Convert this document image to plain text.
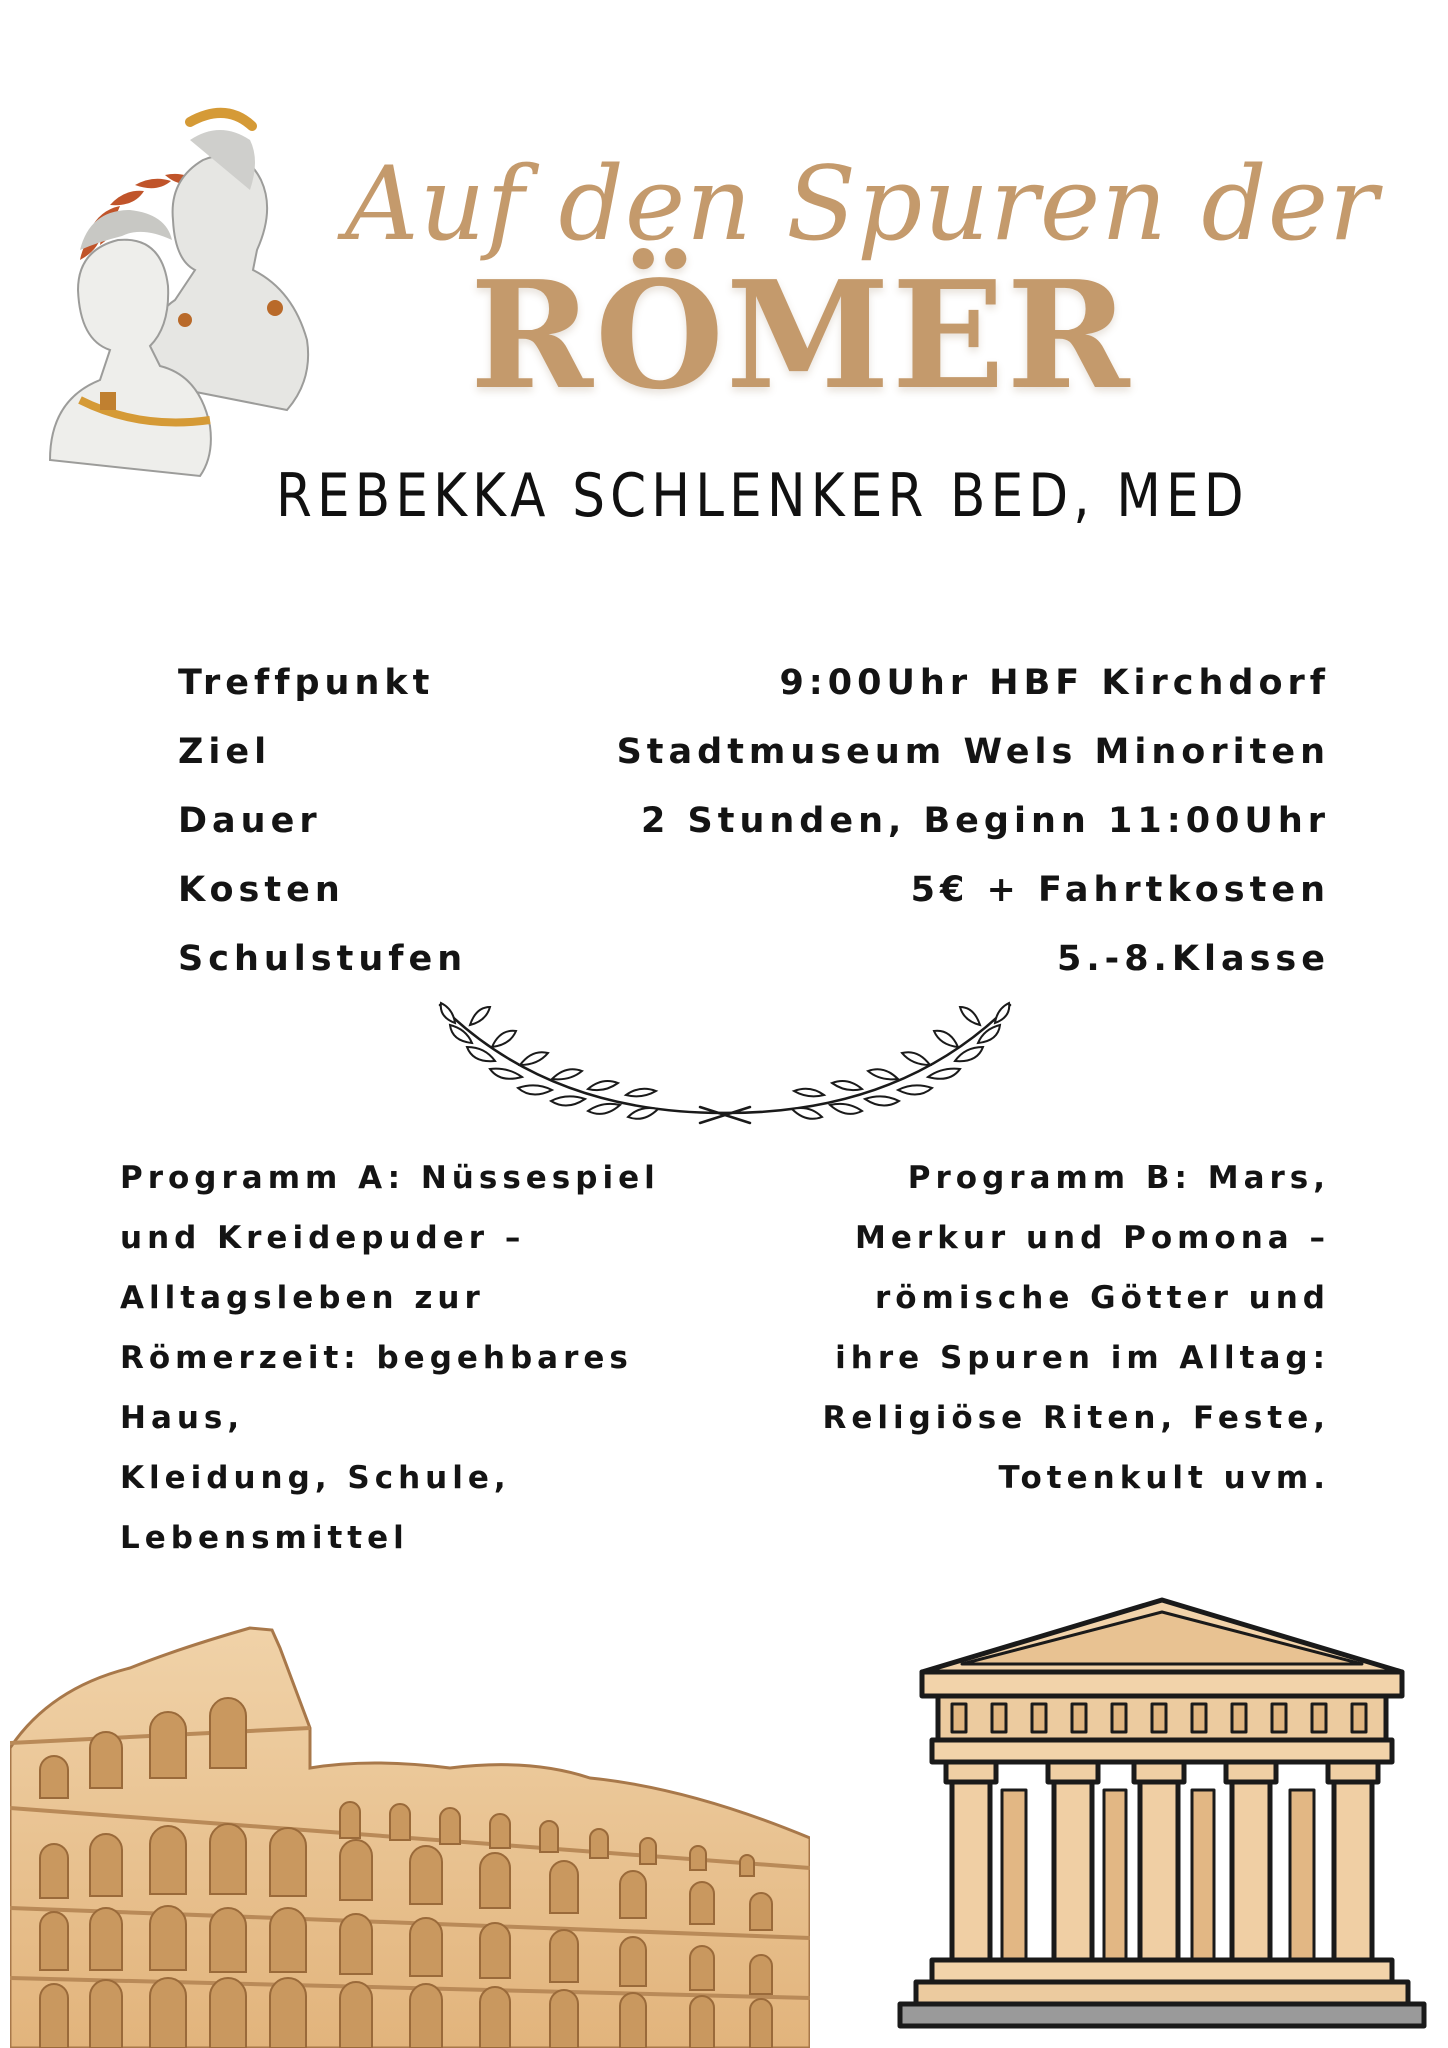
Auf den Spuren der
RÖMER
REBEKKA SCHLENKER BED, MED
Treffpunkt	9:00Uhr HBF Kirchdorf
Ziel	Stadtmuseum Wels Minoriten
Dauer	2 Stunden, Beginn 11:00Uhr
Kosten	5€ + Fahrtkosten
Schulstufen	5.-8.Klasse
Programm A: Nüssespiel
und Kreidepuder –
Alltagsleben zur
Römerzeit: begehbares
Haus,
Kleidung, Schule,
Lebensmittel
Programm B: Mars,
Merkur und Pomona –
römische Götter und
ihre Spuren im Alltag:
Religiöse Riten, Feste,
Totenkult uvm.
